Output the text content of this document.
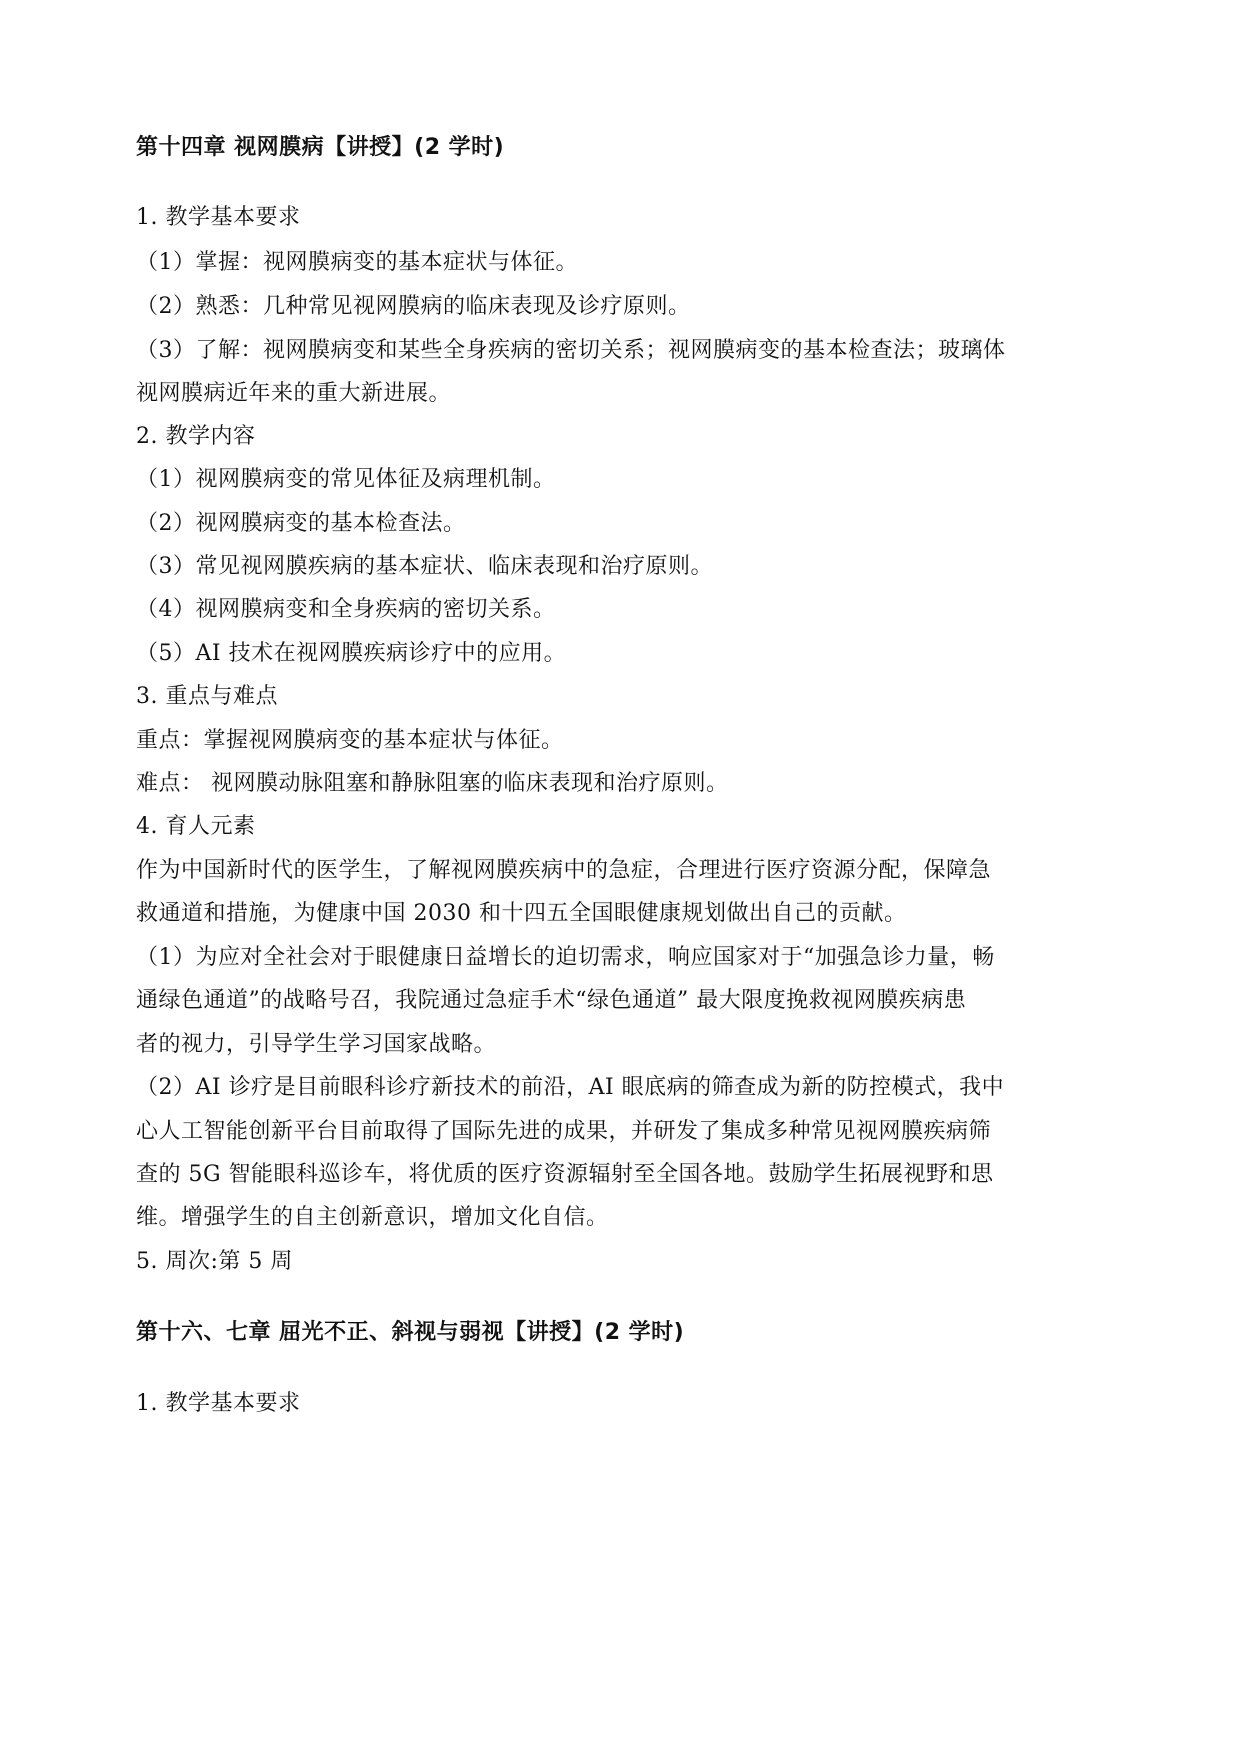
第十四章 视网膜病【讲授】(2 学时)
1. 教学基本要求
（1）掌握：视网膜病变的基本症状与体征。
（2）熟悉：几种常见视网膜病的临床表现及诊疗原则。
（3）了解：视网膜病变和某些全身疾病的密切关系；视网膜病变的基本检查法；玻璃体
视网膜病近年来的重大新进展。
2. 教学内容
（1）视网膜病变的常见体征及病理机制。
（2）视网膜病变的基本检查法。
（3）常见视网膜疾病的基本症状、临床表现和治疗原则。
（4）视网膜病变和全身疾病的密切关系。
（5）AI 技术在视网膜疾病诊疗中的应用。
3. 重点与难点
重点：掌握视网膜病变的基本症状与体征。
难点： 视网膜动脉阻塞和静脉阻塞的临床表现和治疗原则。
4. 育人元素
作为中国新时代的医学生，了解视网膜疾病中的急症，合理进行医疗资源分配，保障急
救通道和措施，为健康中国 2030 和十四五全国眼健康规划做出自己的贡献。
（1）为应对全社会对于眼健康日益增长的迫切需求，响应国家对于“加强急诊力量，畅
通绿色通道”的战略号召，我院通过急症手术“绿色通道” 最大限度挽救视网膜疾病患
者的视力，引导学生学习国家战略。
（2）AI 诊疗是目前眼科诊疗新技术的前沿，AI 眼底病的筛查成为新的防控模式，我中
心人工智能创新平台目前取得了国际先进的成果，并研发了集成多种常见视网膜疾病筛
查的 5G 智能眼科巡诊车，将优质的医疗资源辐射至全国各地。鼓励学生拓展视野和思
维。增强学生的自主创新意识，增加文化自信。
5. 周次:第 5 周
第十六、七章 屈光不正、斜视与弱视【讲授】(2 学时)
1. 教学基本要求
